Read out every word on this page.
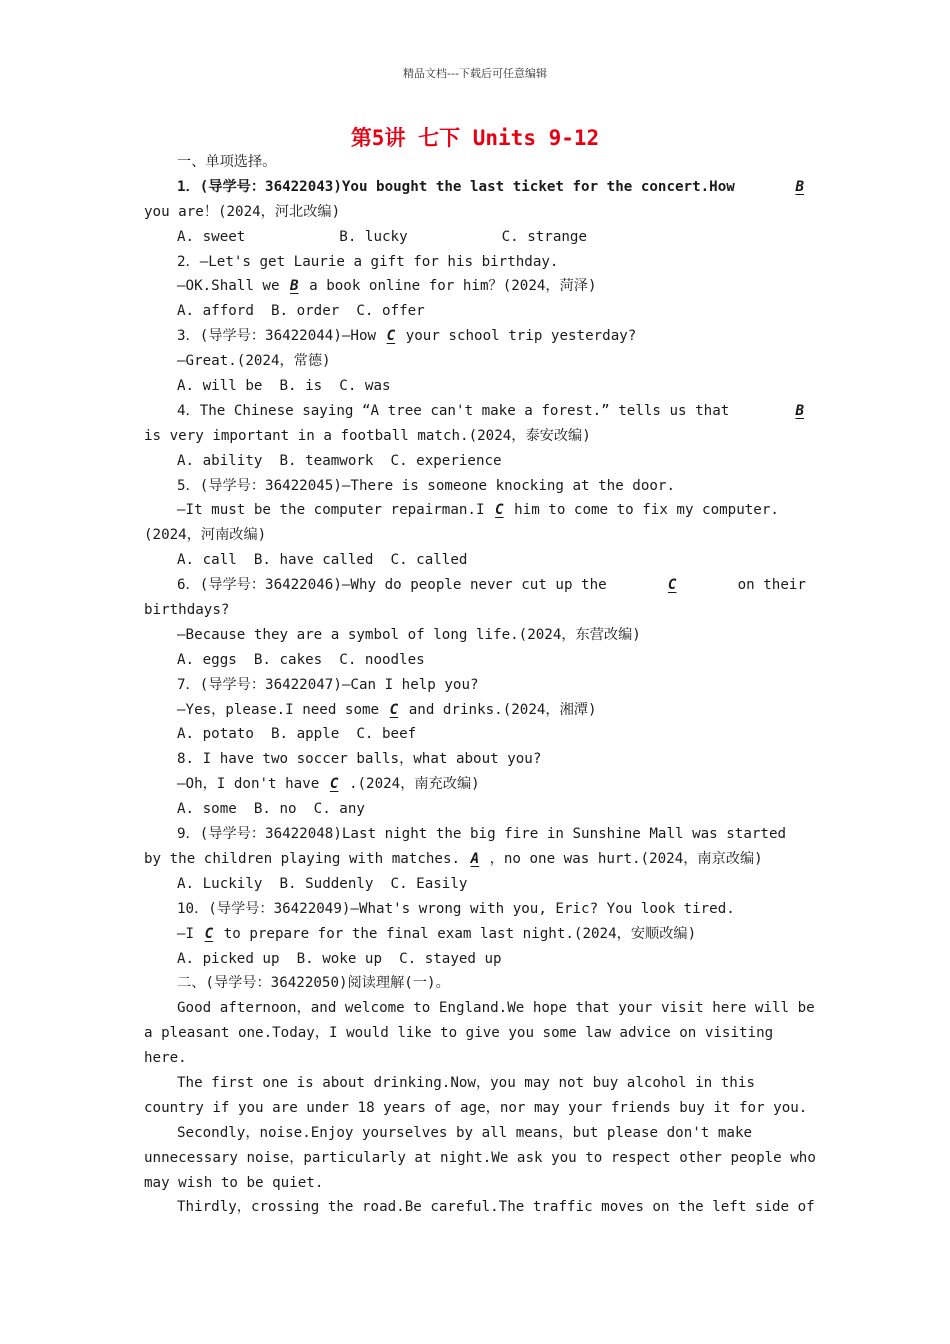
精品文档---下载后可任意编辑
第5讲 七下 Units 9-12
一、单项选择。
1．(导学号：36422043)You bought the last ticket for the concert.How	B
you are！(2024，河北改编)
A. sweet           B. lucky           C. strange
2．—Let's get Laurie a gift for his birthday.
—OK.Shall we B a book online for him？(2024，菏泽)
A. afford  B. order  C. offer
3．(导学号：36422044)—How C your school trip yesterday?
—Great.(2024，常德)
A. will be  B. is  C. was
4．The Chinese saying “A tree can't make a forest.” tells us that	B
is very important in a football match.(2024，泰安改编)
A. ability  B. teamwork  C. experience
5．(导学号：36422045)—There is someone knocking at the door.
—It must be the computer repairman.I C him to come to fix my computer.
(2024，河南改编)
A. call  B. have called  C. called
6．(导学号：36422046)—Why do people never cut up the	C	on their
birthdays?
—Because they are a symbol of long life.(2024，东营改编)
A. eggs  B. cakes  C. noodles
7．(导学号：36422047)—Can I help you?
—Yes，please.I need some C and drinks.(2024，湘潭)
A. potato  B. apple  C. beef
8. I have two soccer balls，what about you?
—Oh，I don't have C .(2024，南充改编)
A. some  B. no  C. any
9．(导学号：36422048)Last night the big fire in Sunshine Mall was started
by the children playing with matches. A ，no one was hurt.(2024，南京改编)
A. Luckily  B. Suddenly  C. Easily
10．(导学号：36422049)—What's wrong with you, Eric? You look tired.
—I C to prepare for the final exam last night.(2024，安顺改编)
A. picked up  B. woke up  C. stayed up
二、(导学号：36422050)阅读理解(一)。
Good afternoon，and welcome to England.We hope that your visit here will be
a pleasant one.Today，I would like to give you some law advice on visiting
here.
The first one is about drinking.Now，you may not buy alcohol in this
country if you are under 18 years of age，nor may your friends buy it for you.
Secondly，noise.Enjoy yourselves by all means，but please don't make
unnecessary noise，particularly at night.We ask you to respect other people who
may wish to be quiet.
Thirdly，crossing the road.Be careful.The traffic moves on the left side of
